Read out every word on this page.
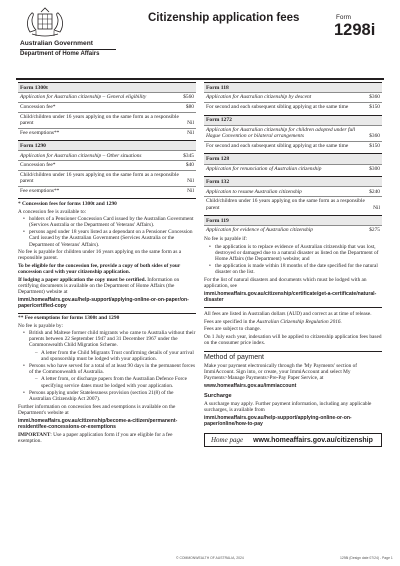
Australian Government
Department of Home Affairs
Citizenship application fees	Form
1298i
Form 1300t
Application for Australian citizenship – General eligibility	$560
Concession fee*	$80
Child/children under 16 years applying on the same form as a responsible parent	Nil
Fee exemptions**	Nil
Form 1290
Application for Australian citizenship – Other situations	$345
Concession fee*	$40
Child/children under 16 years applying on the same form as a responsible parent	Nil
Fee exemptions**	Nil
* Concession fees for forms 1300t and 1290
A concession fee is available to:
• holders of a Pensioner Concession Card issued by the Australian Government (Services Australia or the Department of Veterans' Affairs).
• persons aged under 18 years listed as a dependant on a Pensioner Concession Card issued by the Australian Government (Services Australia or the Department of Veterans' Affairs).
No fee is payable for children under 16 years applying on the same form as a responsible parent.
To be eligible for the concession fee, provide a copy of both sides of your concession card with your citizenship application.
If lodging a paper application the copy must be certified. Information on certifying documents is available on the Department of Home Affairs (the Department) website at
immi.homeaffairs.gov.au/help-support/applying-online-or-on-paper/on-paper/certified-copy
** Fee exemptions for forms 1300t and 1290
No fee is payable by:
• British and Maltese former child migrants who came to Australia without their parents between 22 September 1947 and 31 December 1967 under the Commonwealth Child Migration Scheme.
– A letter from the Child Migrants Trust confirming details of your arrival and sponsorship must be lodged with your application.
• Persons who have served for a total of at least 90 days in the permanent forces of the Commonwealth of Australia.
– A letter from, or discharge papers from the Australian Defence Force specifying service dates must be lodged with your application.
• Persons applying under Statelessness provision (section 21(8) of the Australian Citizenship Act 2007).
Further information on concession fees and exemptions is available on the Department's website at
immi.homeaffairs.gov.au/citizenship/become-a-citizen/permanent-resident/fee-concessions-or-exemptions
IMPORTANT: Use a paper application form if you are eligible for a fee exemption.
Form 118
Application for Australian citizenship by descent	$360
For second and each subsequent sibling applying at the same time	$150
Form 1272
Application for Australian citizenship for children adopted under full Hague Convention or bilateral arrangements	$360
For second and each subsequent sibling applying at the same time	$150
Form 128
Application for renunciation of Australian citizenship	$300
Form 132
Application to resume Australian citizenship	$240
Child/children under 16 years applying on the same form as a responsible parent	Nil
Form 119
Application for evidence of Australian citizenship	$275
No fee is payable if:
• the application is to replace evidence of Australian citizenship that was lost, destroyed or damaged due to a natural disaster as listed on the Department of Home Affairs (the Department) website; and
• the application is made within 18 months of the date specified for the natural disaster on the list.
For the list of natural disasters and documents which must be lodged with an application, see
immi.homeaffairs.gov.au/citizenship/certificate/get-a-certificate/natural-disaster
All fees are listed in Australian dollars (AUD) and correct as at time of release.
Fees are specified in the Australian Citizenship Regulation 2016.
Fees are subject to change.
On 1 July each year, indexation will be applied to citizenship application fees based on the consumer price index.
Method of payment
Make your payment electronically through the 'My Payments' section of ImmiAccount. Sign into, or create, your ImmiAccount and select My Payments>Manage Payments>Pre-Pay Paper Service, at
www.homeaffairs.gov.au/immiaccount
Surcharge
A surcharge may apply. Further payment information, including any applicable surcharges, is available from
immi.homeaffairs.gov.au/help-support/applying-online-or-on-paper/online/how-to-pay
Home page www.homeaffairs.gov.au/citizenship
© COMMONWEALTH OF AUSTRALIA, 2024	1298i (Design date 07/24) - Page 1
